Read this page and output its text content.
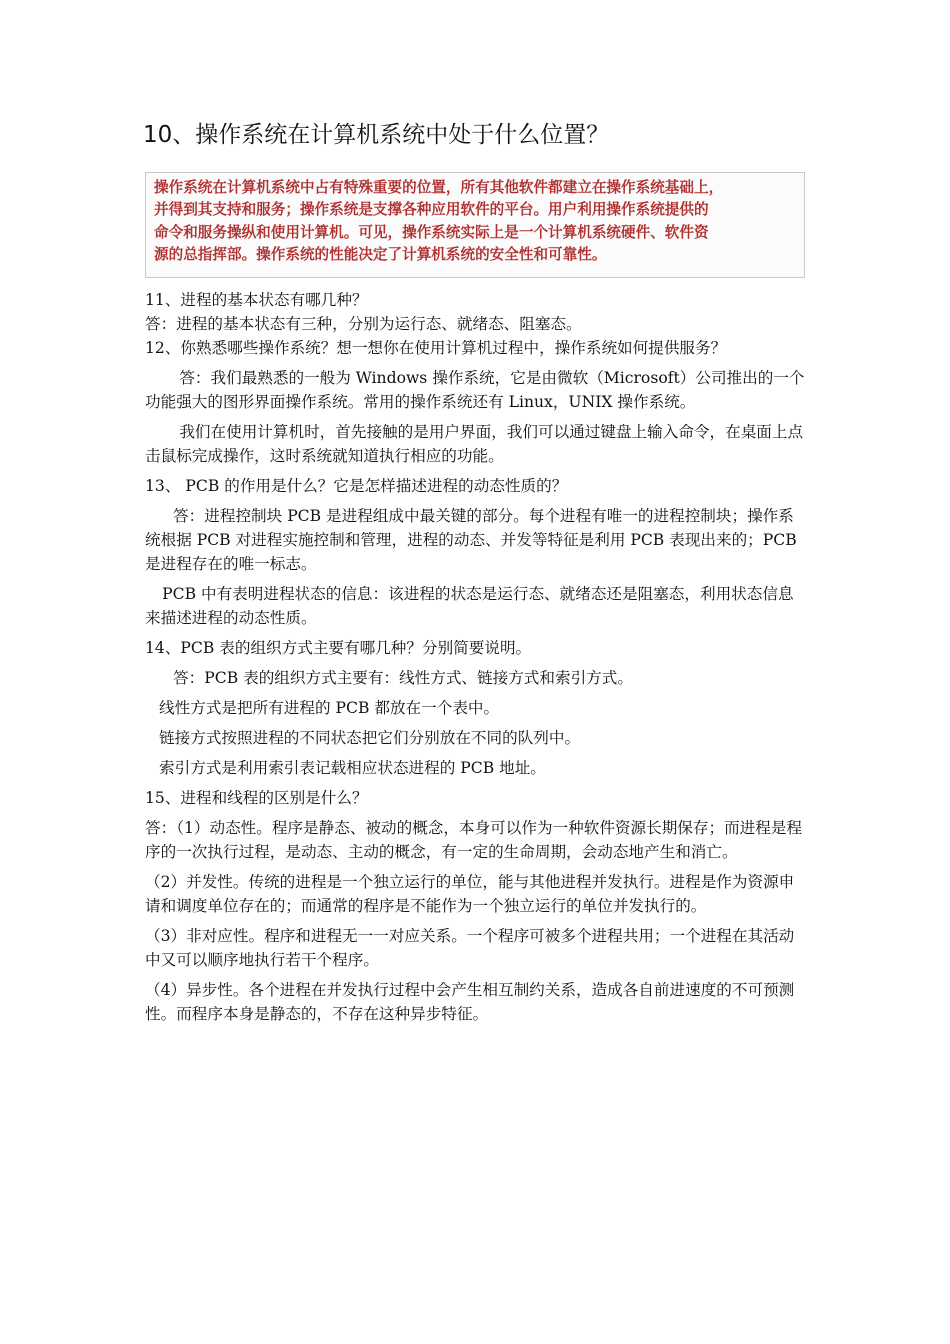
10、操作系统在计算机系统中处于什么位置？
操作系统在计算机系统中占有特殊重要的位置，所有其他软件都建立在操作系统基础上，
并得到其支持和服务；操作系统是支撑各种应用软件的平台。用户利用操作系统提供的
命令和服务操纵和使用计算机。可见，操作系统实际上是一个计算机系统硬件、软件资
源的总指挥部。操作系统的性能决定了计算机系统的安全性和可靠性。

11、进程的基本状态有哪几种？

答：进程的基本状态有三种，分别为运行态、就绪态、阻塞态。

12、你熟悉哪些操作系统？想一想你在使用计算机过程中，操作系统如何提供服务？

答：我们最熟悉的一般为 Windows 操作系统，它是由微软（Microsoft）公司推出的一个功能强大的图形界面操作系统。常用的操作系统还有 Linux，UNIX 操作系统。

我们在使用计算机时，首先接触的是用户界面，我们可以通过键盘上输入命令，在桌面上点击鼠标完成操作，这时系统就知道执行相应的功能。

13、 PCB 的作用是什么？它是怎样描述进程的动态性质的？

答：进程控制块 PCB 是进程组成中最关键的部分。每个进程有唯一的进程控制块；操作系统根据 PCB 对进程实施控制和管理，进程的动态、并发等特征是利用 PCB 表现出来的；PCB 是进程存在的唯一标志。

PCB 中有表明进程状态的信息：该进程的状态是运行态、就绪态还是阻塞态，利用状态信息来描述进程的动态性质。

14、PCB 表的组织方式主要有哪几种？分别简要说明。

答：PCB 表的组织方式主要有：线性方式、链接方式和索引方式。

线性方式是把所有进程的 PCB 都放在一个表中。

链接方式按照进程的不同状态把它们分别放在不同的队列中。

索引方式是利用索引表记载相应状态进程的 PCB 地址。

15、进程和线程的区别是什么？

答：（1）动态性。程序是静态、被动的概念，本身可以作为一种软件资源长期保存；而进程是程序的一次执行过程，是动态、主动的概念，有一定的生命周期，会动态地产生和消亡。

（2）并发性。传统的进程是一个独立运行的单位，能与其他进程并发执行。进程是作为资源申请和调度单位存在的；而通常的程序是不能作为一个独立运行的单位并发执行的。

（3）非对应性。程序和进程无一一对应关系。一个程序可被多个进程共用；一个进程在其活动中又可以顺序地执行若干个程序。

（4）异步性。各个进程在并发执行过程中会产生相互制约关系，造成各自前进速度的不可预测性。而程序本身是静态的，不存在这种异步特征。
